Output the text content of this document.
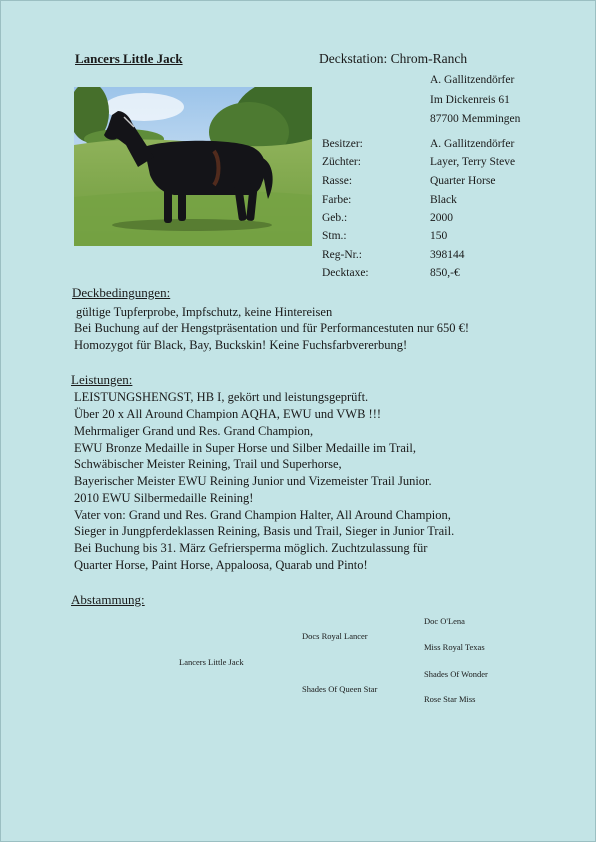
Lancers Little Jack	Deckstation: Chrom-Ranch
A. Gallitzendörfer
Im Dickenreis 61
87700 Memmingen
Besitzer:	A. Gallitzendörfer
Züchter:	Layer, Terry Steve
Rasse:	Quarter Horse
Farbe:	Black
Geb.:	2000
Stm.:	150
Reg-Nr.:	398144
Decktaxe:	850,-€
Deckbedingungen:
gültige Tupferprobe, Impfschutz, keine Hintereisen
Bei Buchung auf der Hengstpräsentation und für Performancestuten nur 650 €!
Homozygot für Black, Bay, Buckskin! Keine Fuchsfarbvererbung!
Leistungen:
LEISTUNGSHENGST, HB I, gekört und leistungsgeprüft.
Über 20 x All Around Champion AQHA, EWU und VWB !!!
Mehrmaliger Grand und Res. Grand Champion,
EWU Bronze Medaille in Super Horse und Silber Medaille im Trail,
Schwäbischer Meister Reining, Trail und Superhorse,
Bayerischer Meister EWU Reining Junior und Vizemeister Trail Junior.
2010 EWU Silbermedaille Reining!
Vater von: Grand und Res. Grand Champion Halter, All Around Champion,
Sieger in Jungpferdeklassen Reining, Basis und Trail, Sieger in Junior Trail.
Bei Buchung bis 31. März Gefriersperma möglich. Zuchtzulassung für
Quarter Horse, Paint Horse, Appaloosa, Quarab und Pinto!
Abstammung:
Doc O'Lena
Docs Royal Lancer
Miss Royal Texas
Lancers Little Jack
Shades Of Wonder
Shades Of Queen Star
Rose Star Miss
